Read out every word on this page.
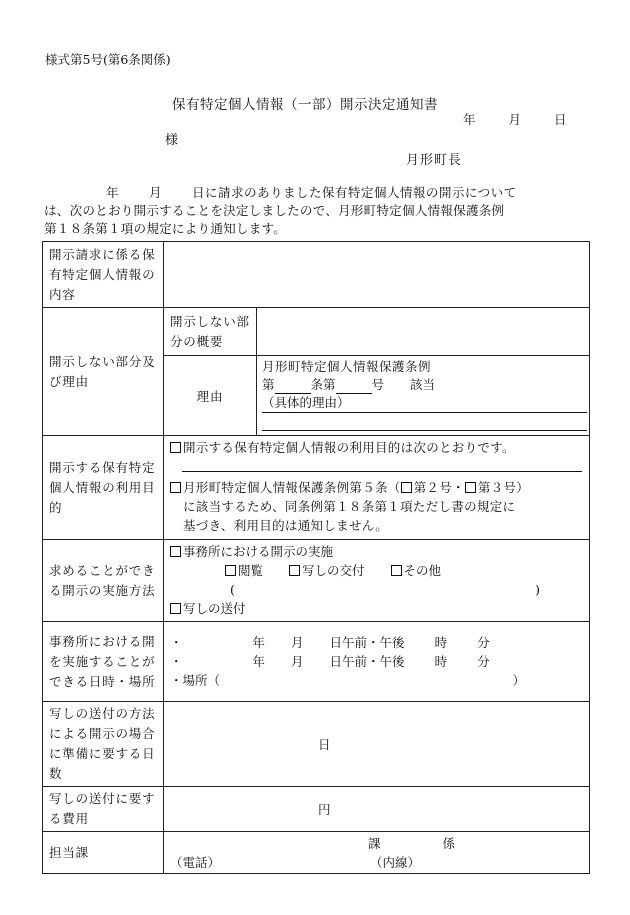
様式第5号(第6条関係)
保有特定個人情報（一部）開示決定通知書
年	月	日
様
月形町長
年 月 日に請求のありました保有特定個人情報の開示について
は、次のとおり開示することを決定しましたので、月形町特定個人情報保護条例
第１８条第１項の規定により通知します。
開示請求に係る保有特定個人情報の内容		
開示しない部分及び理由	開示しない部分の概要	
	理由	月形町特定個人情報保護条例
第 条第 号 該当
（具体的理由）

開示する保有特定個人情報の利用目的	開示する保有特定個人情報の利用目的は次のとおりです。
月形町特定個人情報保護条例第５条（ 第２号・ 第３号）
に該当するため、同条例第１８条第１項ただし書の規定に
基づき、利用目的は通知しません。	

求めることができる開示の実施方法	事務所における開示の実施
閲覧 写しの交付 その他
( )
写しの送付	

事務所における開を実施することができる日時・場所	・ 年 月 日午前・午後 時 分
・ 年 月 日午前・午後 時 分
・場所（ ）	

写しの送付の方法による開示の場合に準備に要する日数	日	
写しの送付に要する費用	円	
担当課	課 係
（電話） （内線）	
